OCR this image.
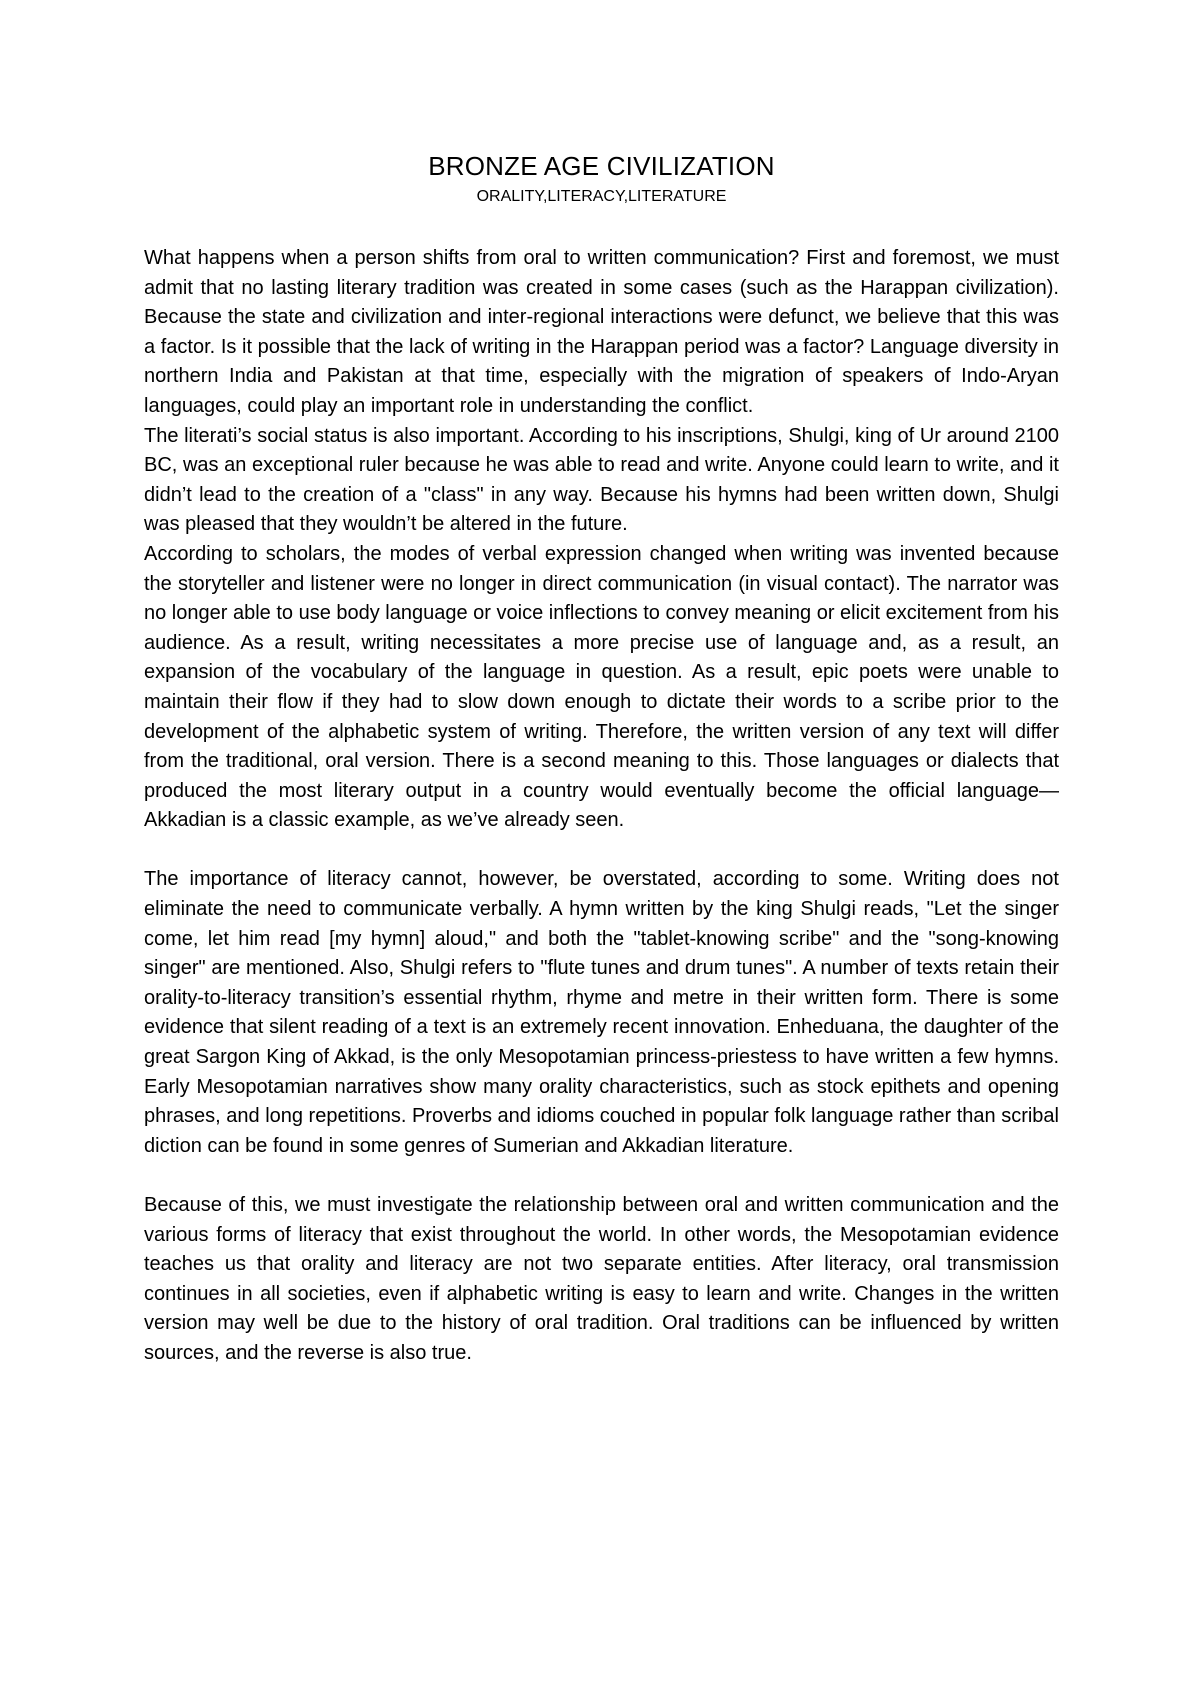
BRONZE AGE CIVILIZATION
ORALITY,LITERACY,LITERATURE

What happens when a person shifts from oral to written communication? First and foremost, we must admit that no lasting literary tradition was created in some cases (such as the Harappan civilization). Because the state and civilization and inter-regional interactions were defunct, we believe that this was a factor. Is it possible that the lack of writing in the Harappan period was a factor? Language diversity in northern India and Pakistan at that time, especially with the migration of speakers of Indo-Aryan languages, could play an important role in understanding the conflict.

The literati’s social status is also important. According to his inscriptions, Shulgi, king of Ur around 2100 BC, was an exceptional ruler because he was able to read and write. Anyone could learn to write, and it didn’t lead to the creation of a "class" in any way. Because his hymns had been written down, Shulgi was pleased that they wouldn’t be altered in the future.

According to scholars, the modes of verbal expression changed when writing was invented because the storyteller and listener were no longer in direct communication (in visual contact). The narrator was no longer able to use body language or voice inflections to convey meaning or elicit excitement from his audience. As a result, writing necessitates a more precise use of language and, as a result, an expansion of the vocabulary of the language in question. As a result, epic poets were unable to maintain their flow if they had to slow down enough to dictate their words to a scribe prior to the development of the alphabetic system of writing. Therefore, the written version of any text will differ from the traditional, oral version. There is a second meaning to this. Those languages or dialects that produced the most literary output in a country would eventually become the official language—Akkadian is a classic example, as we’ve already seen.

The importance of literacy cannot, however, be overstated, according to some. Writing does not eliminate the need to communicate verbally. A hymn written by the king Shulgi reads, "Let the singer come, let him read [my hymn] aloud," and both the "tablet-knowing scribe" and the "song-knowing singer" are mentioned. Also, Shulgi refers to "flute tunes and drum tunes". A number of texts retain their orality-to-literacy transition’s essential rhythm, rhyme and metre in their written form. There is some evidence that silent reading of a text is an extremely recent innovation. Enheduana, the daughter of the great Sargon King of Akkad, is the only Mesopotamian princess-priestess to have written a few hymns. Early Mesopotamian narratives show many orality characteristics, such as stock epithets and opening phrases, and long repetitions. Proverbs and idioms couched in popular folk language rather than scribal diction can be found in some genres of Sumerian and Akkadian literature.

Because of this, we must investigate the relationship between oral and written communication and the various forms of literacy that exist throughout the world. In other words, the Mesopotamian evidence teaches us that orality and literacy are not two separate entities. After literacy, oral transmission continues in all societies, even if alphabetic writing is easy to learn and write. Changes in the written version may well be due to the history of oral tradition. Oral traditions can be influenced by written sources, and the reverse is also true.
